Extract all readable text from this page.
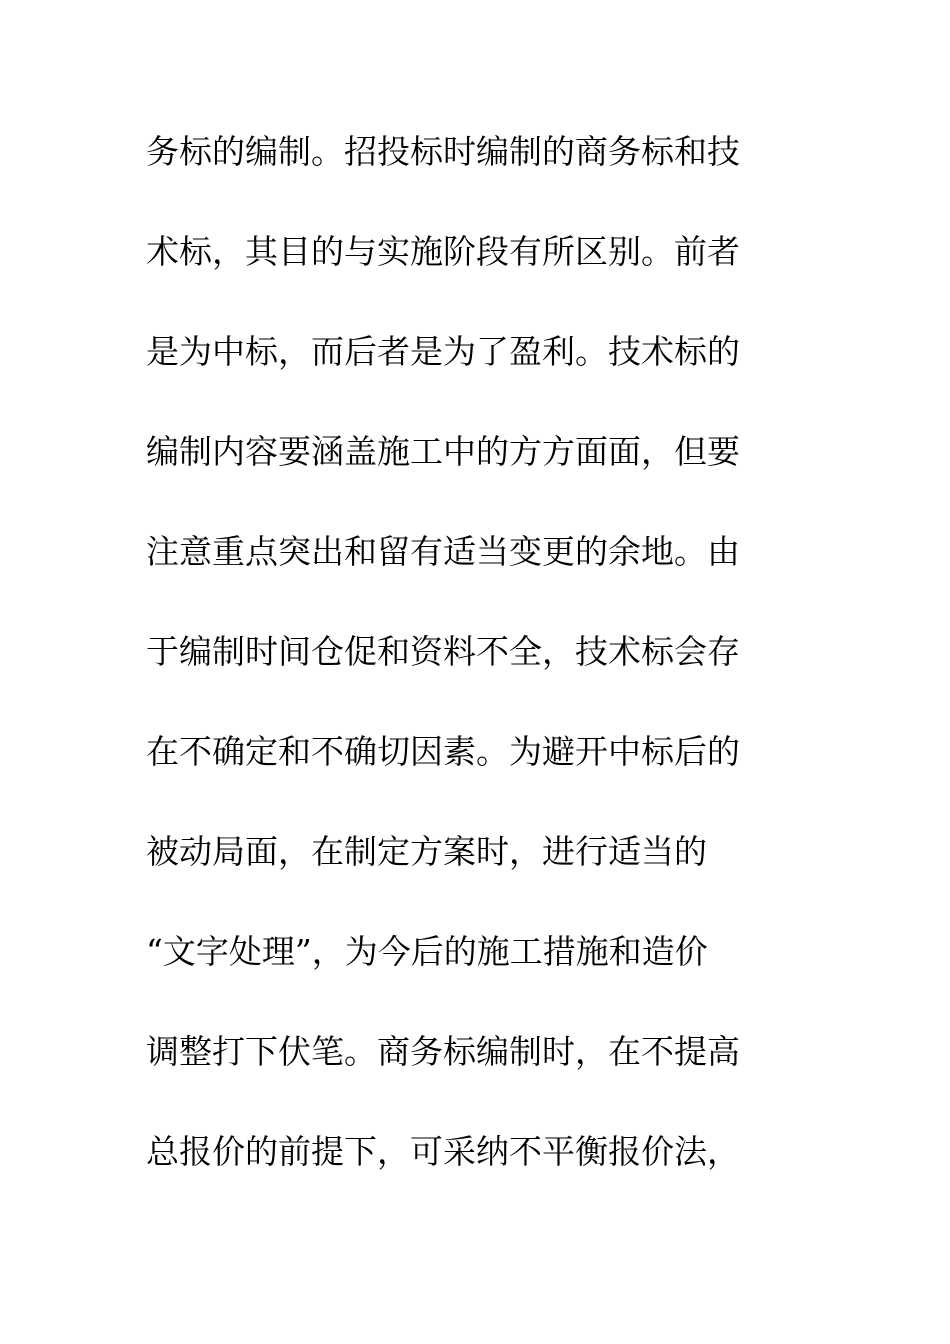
务标的编制。招投标时编制的商务标和技
术标，其目的与实施阶段有所区别。前者
是为中标，而后者是为了盈利。技术标的
编制内容要涵盖施工中的方方面面，但要
注意重点突出和留有适当变更的余地。由
于编制时间仓促和资料不全，技术标会存
在不确定和不确切因素。为避开中标后的
被动局面，在制定方案时，进行适当的
“文字处理”，为今后的施工措施和造价
调整打下伏笔。商务标编制时，在不提高
总报价的前提下，可采纳不平衡报价法，
